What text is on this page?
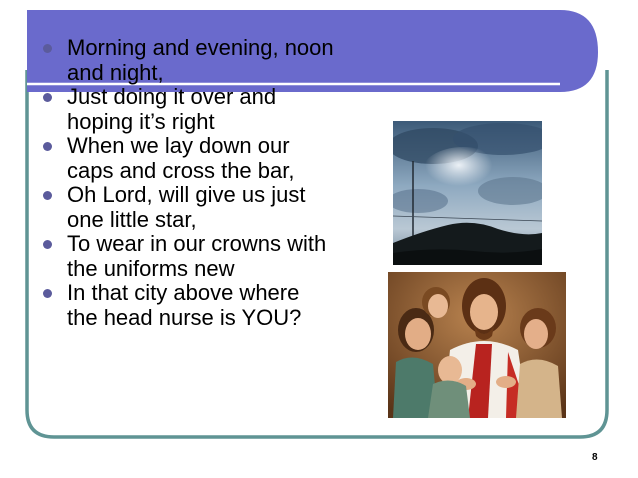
Morning and evening, noon
and night,
Just doing it over and
hoping it’s right
When we lay down our
caps and cross the bar,
Oh Lord, will give us just
one little star,
To wear in our crowns with
the uniforms new
In that city above where
the head nurse is YOU?
8
